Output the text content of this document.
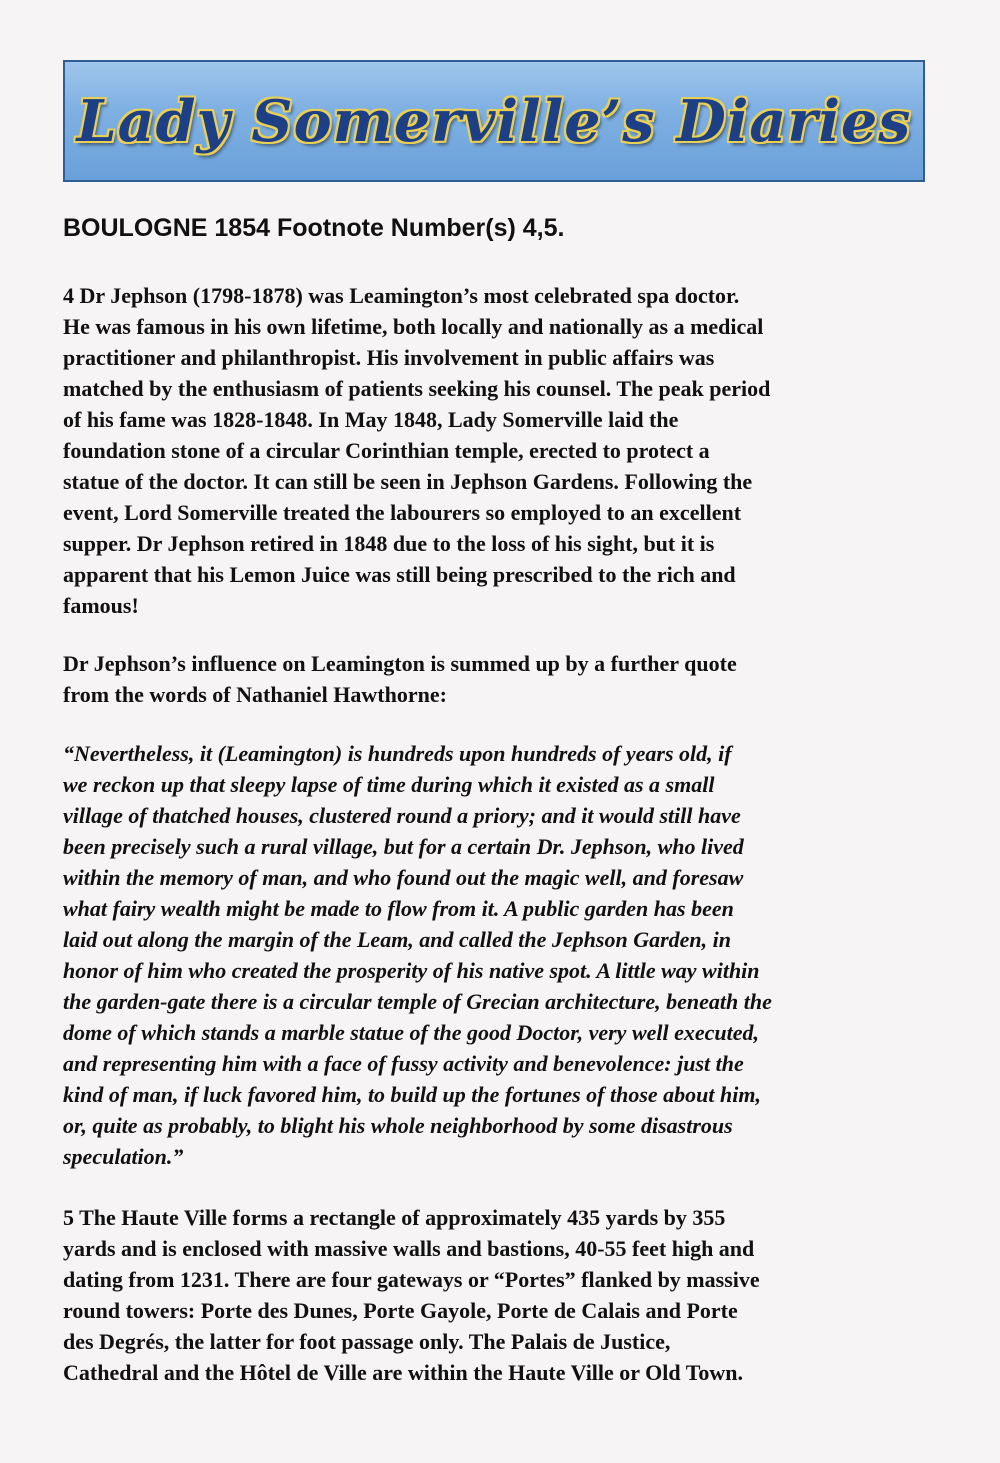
Lady Somerville’s Diaries
BOULOGNE 1854 Footnote Number(s) 4,5.
4 Dr Jephson (1798-1878) was Leamington’s most celebrated spa doctor.
He was famous in his own lifetime, both locally and nationally as a medical
practitioner and philanthropist. His involvement in public affairs was
matched by the enthusiasm of patients seeking his counsel. The peak period
of his fame was 1828-1848. In May 1848, Lady Somerville laid the
foundation stone of a circular Corinthian temple, erected to protect a
statue of the doctor. It can still be seen in Jephson Gardens. Following the
event, Lord Somerville treated the labourers so employed to an excellent
supper. Dr Jephson retired in 1848 due to the loss of his sight, but it is
apparent that his Lemon Juice was still being prescribed to the rich and
famous!
Dr Jephson’s influence on Leamington is summed up by a further quote
from the words of Nathaniel Hawthorne:
“Nevertheless, it (Leamington) is hundreds upon hundreds of years old, if
we reckon up that sleepy lapse of time during which it existed as a small
village of thatched houses, clustered round a priory; and it would still have
been precisely such a rural village, but for a certain Dr. Jephson, who lived
within the memory of man, and who found out the magic well, and foresaw
what fairy wealth might be made to flow from it. A public garden has been
laid out along the margin of the Leam, and called the Jephson Garden, in
honor of him who created the prosperity of his native spot. A little way within
the garden-gate there is a circular temple of Grecian architecture, beneath the
dome of which stands a marble statue of the good Doctor, very well executed,
and representing him with a face of fussy activity and benevolence: just the
kind of man, if luck favored him, to build up the fortunes of those about him,
or, quite as probably, to blight his whole neighborhood by some disastrous
speculation.”
5 The Haute Ville forms a rectangle of approximately 435 yards by 355
yards and is enclosed with massive walls and bastions, 40-55 feet high and
dating from 1231. There are four gateways or “Portes” flanked by massive
round towers: Porte des Dunes, Porte Gayole, Porte de Calais and Porte
des Degrés, the latter for foot passage only. The Palais de Justice,
Cathedral and the Hôtel de Ville are within the Haute Ville or Old Town.
